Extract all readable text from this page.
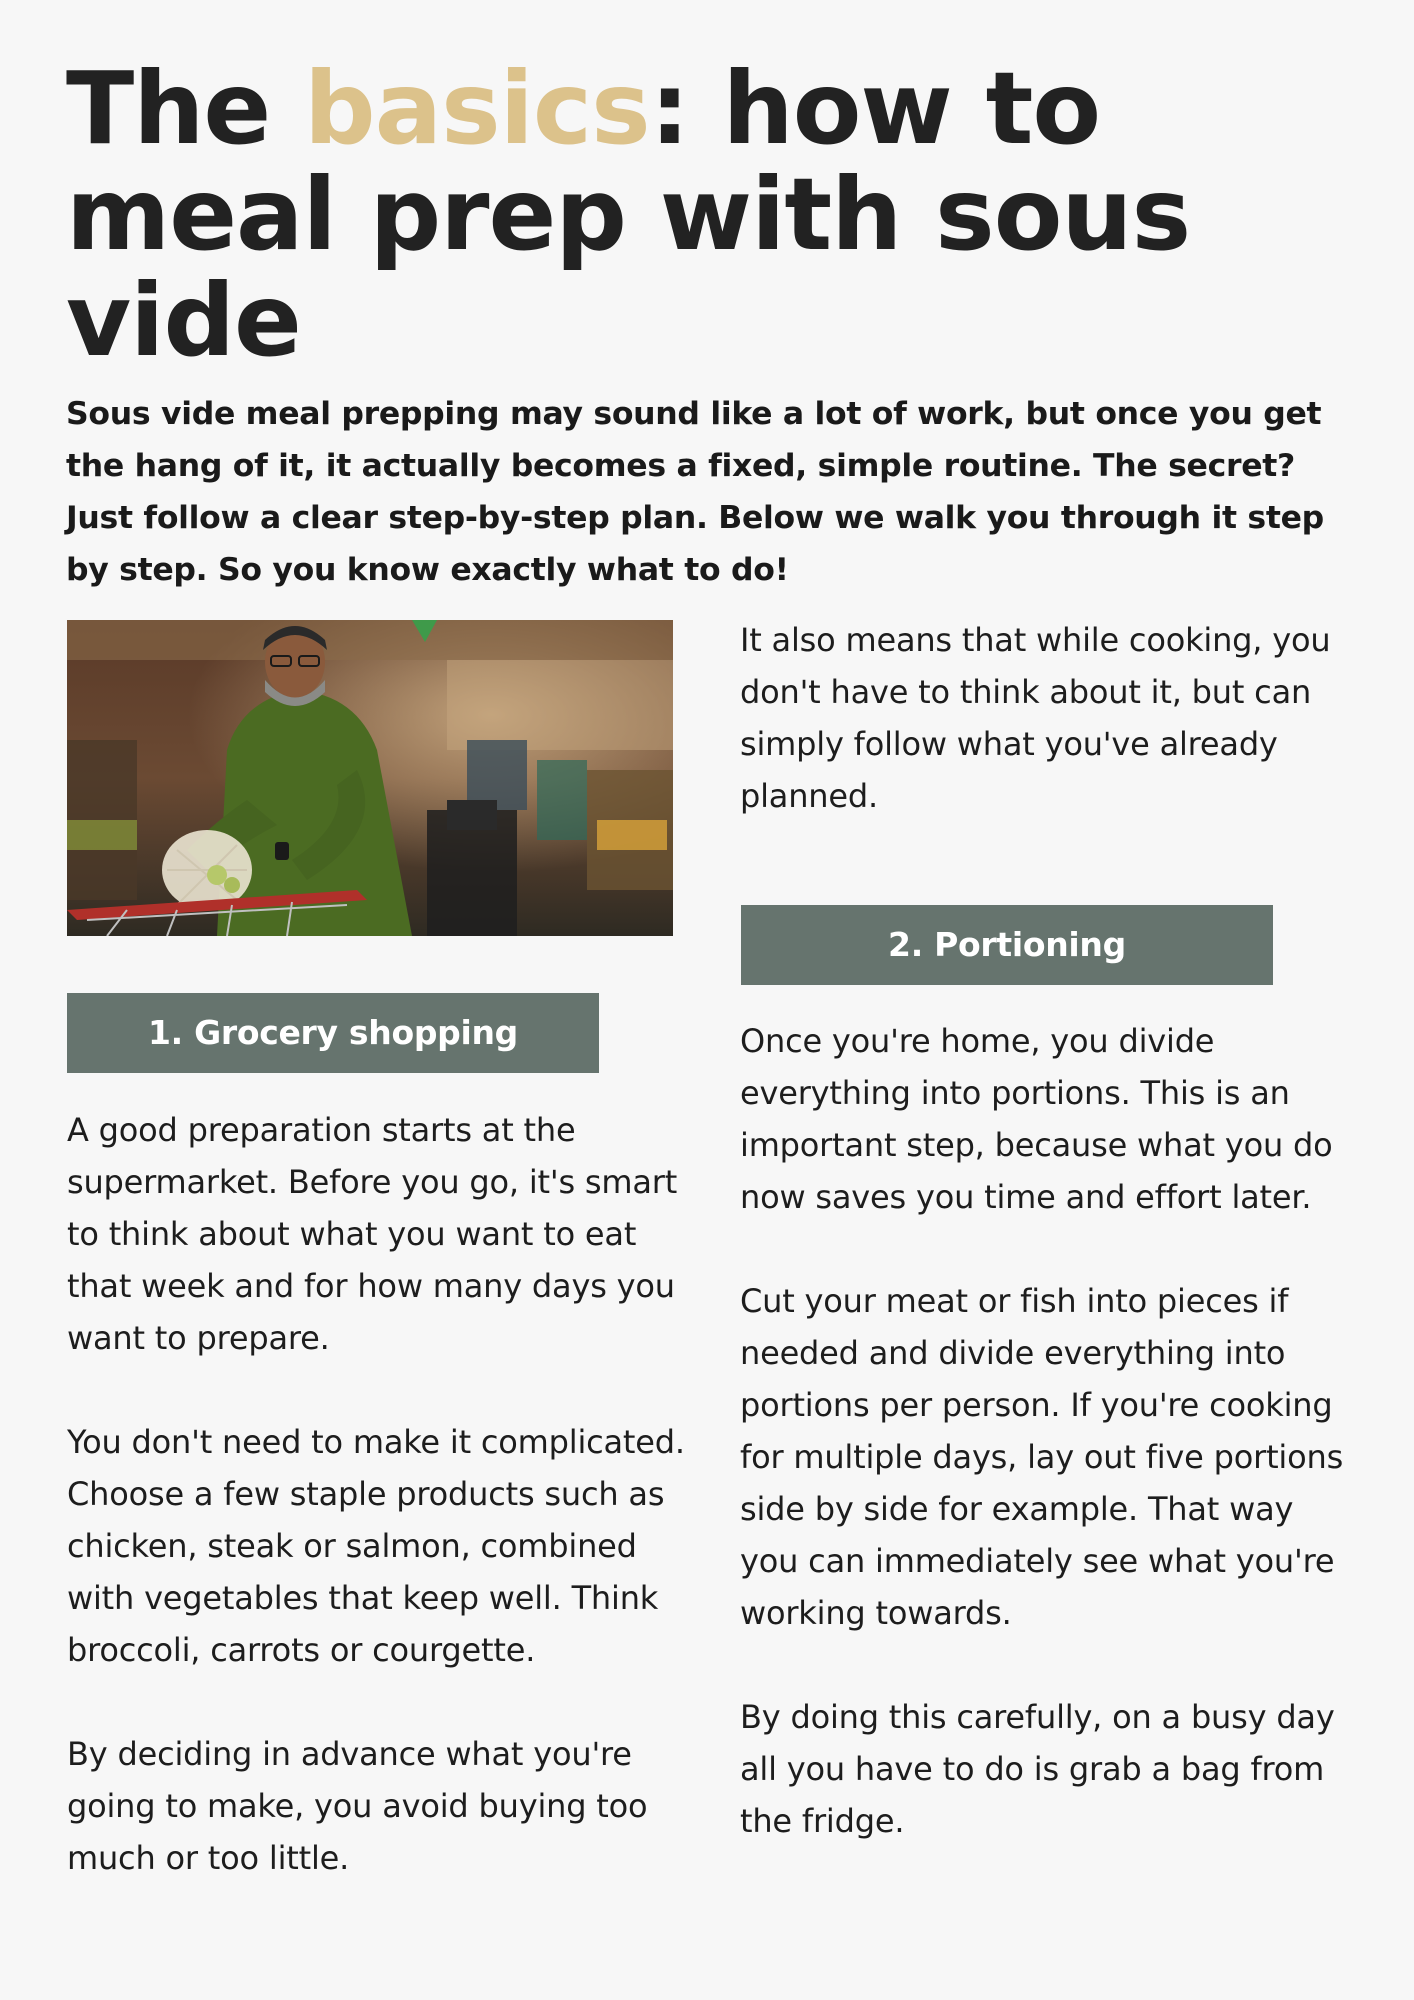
The basics: how to meal prep with sous vide

Sous vide meal prepping may sound like a lot of work, but once you get the hang of it, it actually becomes a fixed, simple routine. The secret? Just follow a clear step-by-step plan. Below we walk you through it step by step. So you know exactly what to do!

1. Grocery shopping

A good preparation starts at the supermarket. Before you go, it's smart to think about what you want to eat that week and for how many days you want to prepare.

You don't need to make it complicated. Choose a few staple products such as chicken, steak or salmon, combined with vegetables that keep well. Think broccoli, carrots or courgette.

By deciding in advance what you're going to make, you avoid buying too much or too little.

It also means that while cooking, you don't have to think about it, but can simply follow what you've already planned.

2. Portioning

Once you're home, you divide everything into portions. This is an important step, because what you do now saves you time and effort later.

Cut your meat or fish into pieces if needed and divide everything into portions per person. If you're cooking for multiple days, lay out five portions side by side for example. That way you can immediately see what you're working towards.

By doing this carefully, on a busy day all you have to do is grab a bag from the fridge.
